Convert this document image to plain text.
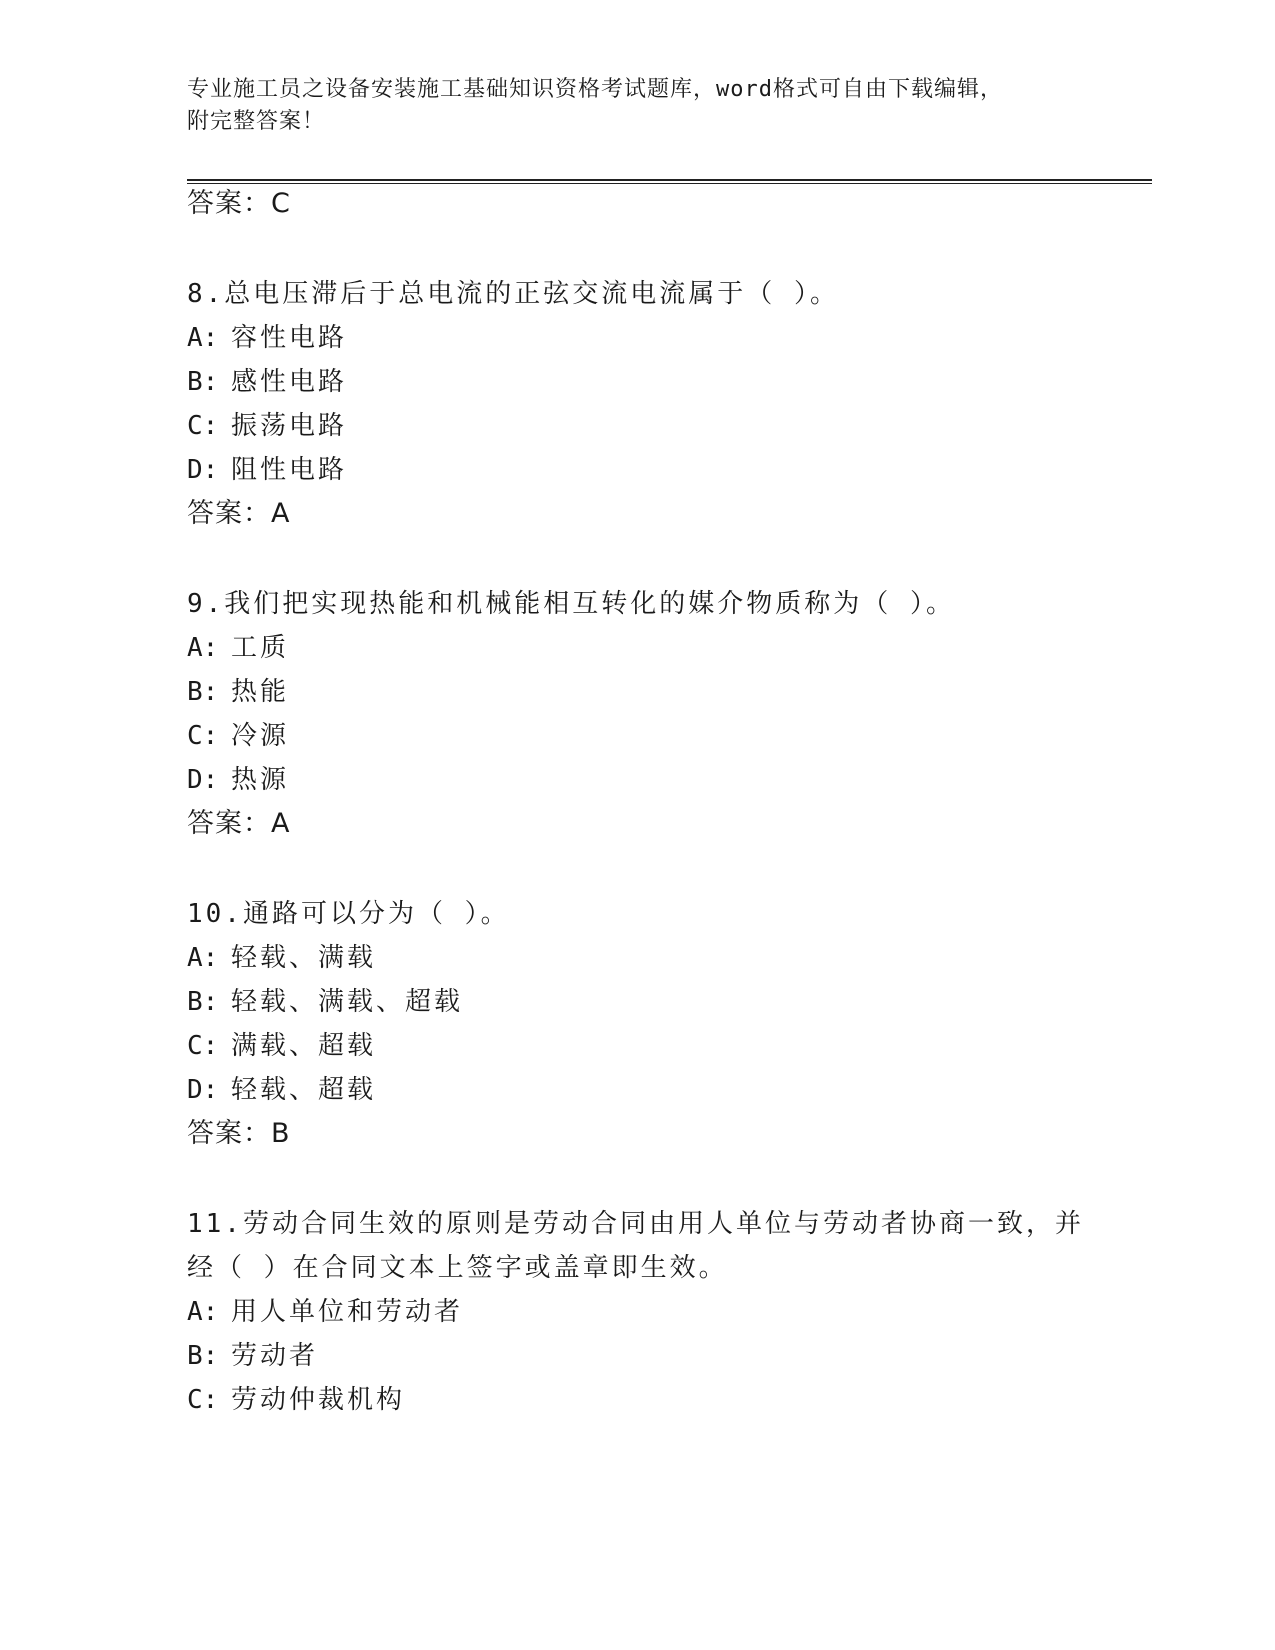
专业施工员之设备安装施工基础知识资格考试题库，word格式可自由下载编辑，
附完整答案！
答案：C
8.总电压滞后于总电流的正弦交流电流属于（ ）。
A: 容性电路
B: 感性电路
C: 振荡电路
D: 阻性电路
答案：A
9.我们把实现热能和机械能相互转化的媒介物质称为（ ）。
A: 工质
B: 热能
C: 冷源
D: 热源
答案：A
10.通路可以分为（ ）。
A: 轻载、满载
B: 轻载、满载、超载
C: 满载、超载
D: 轻载、超载
答案：B
11.劳动合同生效的原则是劳动合同由用人单位与劳动者协商一致，并
经（ ）在合同文本上签字或盖章即生效。
A: 用人单位和劳动者
B: 劳动者
C: 劳动仲裁机构
